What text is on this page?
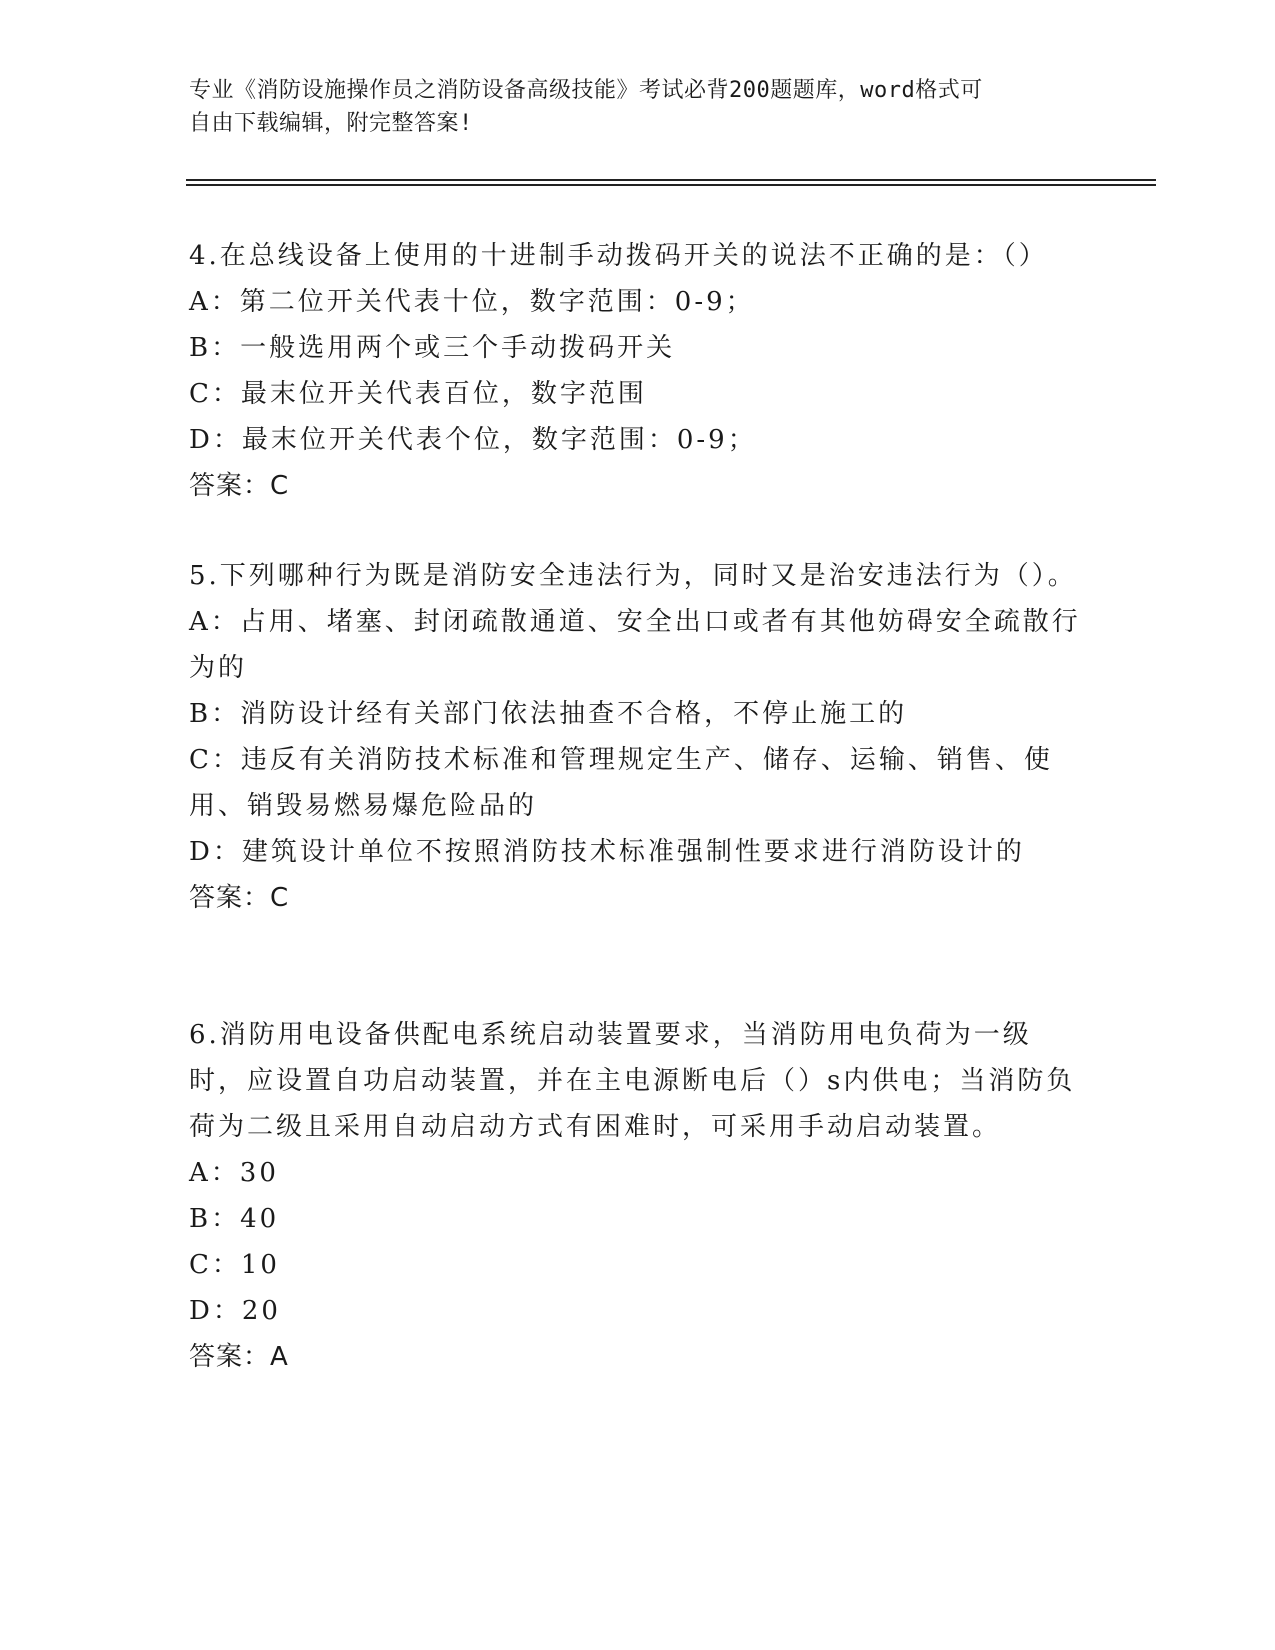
专业《消防设施操作员之消防设备高级技能》考试必背200题题库，word格式可
自由下载编辑，附完整答案!
4.在总线设备上使用的十进制手动拨码开关的说法不正确的是：（）
A：第二位开关代表十位，数字范围：0-9；
B：一般选用两个或三个手动拨码开关
C：最末位开关代表百位，数字范围
D：最末位开关代表个位，数字范围：0-9；
答案：C
5.下列哪种行为既是消防安全违法行为，同时又是治安违法行为（）。
A：占用、堵塞、封闭疏散通道、安全出口或者有其他妨碍安全疏散行为的
B：消防设计经有关部门依法抽查不合格，不停止施工的
C：违反有关消防技术标准和管理规定生产、储存、运输、销售、使用、销毁易燃易爆危险品的
D：建筑设计单位不按照消防技术标准强制性要求进行消防设计的
答案：C
6.消防用电设备供配电系统启动装置要求，当消防用电负荷为一级时，应设置自功启动装置，并在主电源断电后（）s内供电；当消防负荷为二级且采用自动启动方式有困难时，可采用手动启动装置。
A：30
B：40
C：10
D：20
答案：A
